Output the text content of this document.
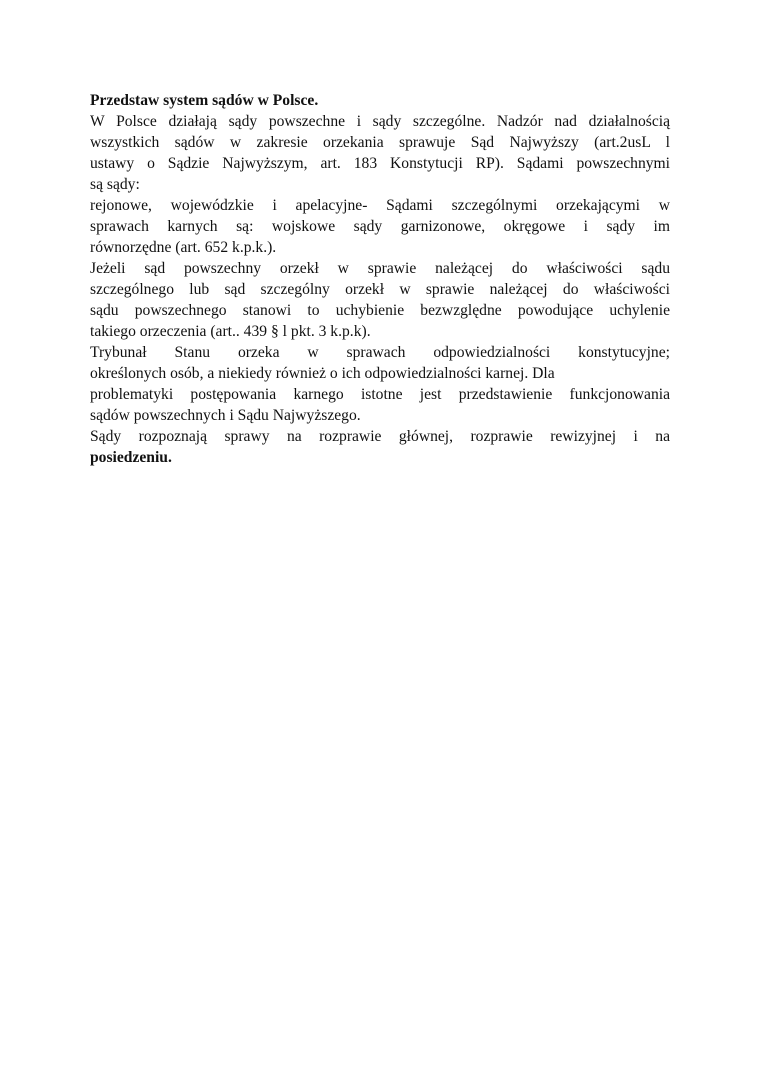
Przedstaw system sądów w Polsce.
W Polsce działają sądy powszechne i sądy szczególne. Nadzór nad działalnością
wszystkich sądów w zakresie orzekania sprawuje Sąd Najwyższy (art.2usL l
ustawy o Sądzie Najwyższym, art. 183 Konstytucji RP). Sądami powszechnymi
są sądy:
rejonowe, wojewódzkie i apelacyjne- Sądami szczególnymi orzekającymi w
sprawach karnych są: wojskowe sądy garnizonowe, okręgowe i sądy im
równorzędne (art. 652 k.p.k.).
Jeżeli sąd powszechny orzekł w sprawie należącej do właściwości sądu
szczególnego lub sąd szczególny orzekł w sprawie należącej do właściwości
sądu powszechnego stanowi to uchybienie bezwzględne powodujące uchylenie
takiego orzeczenia (art.. 439 § l pkt. 3 k.p.k).
Trybunał Stanu orzeka w sprawach odpowiedzialności konstytucyjne;
określonych osób, a niekiedy również o ich odpowiedzialności karnej. Dla
problematyki postępowania karnego istotne jest przedstawienie funkcjonowania
sądów powszechnych i Sądu Najwyższego.
Sądy rozpoznają sprawy na rozprawie głównej, rozprawie rewizyjnej i na
posiedzeniu.
